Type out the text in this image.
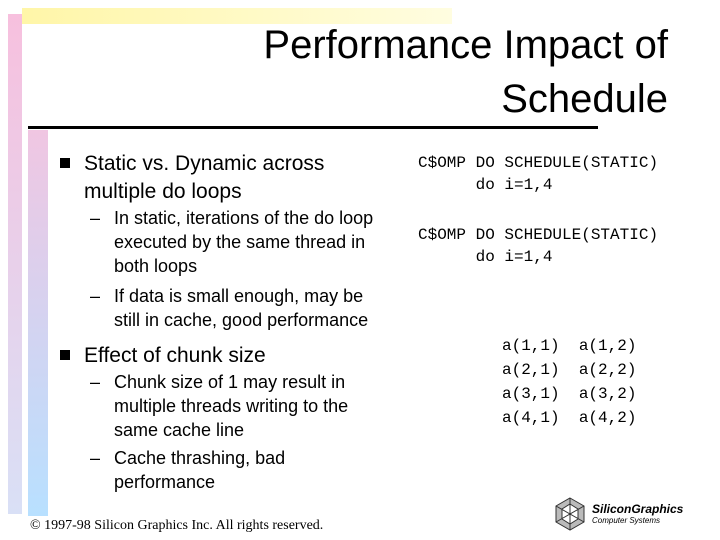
Performance Impact of
Schedule
Static vs. Dynamic across
multiple do loops
– In static, iterations of the do loop
executed by the same thread in
both loops
– If data is small enough, may be
still in cache, good performance
Effect of chunk size
– Chunk size of 1 may result in
multiple threads writing to the
same cache line
– Cache thrashing, bad
performance
C$OMP DO SCHEDULE(STATIC)
do i=1,4
C$OMP DO SCHEDULE(STATIC)
do i=1,4
a(1,1)  a(1,2)
a(2,1)  a(2,2)
a(3,1)  a(3,2)
a(4,1)  a(4,2)
© 1997-98 Silicon Graphics Inc. All rights reserved.
SiliconGraphics
Computer Systems
